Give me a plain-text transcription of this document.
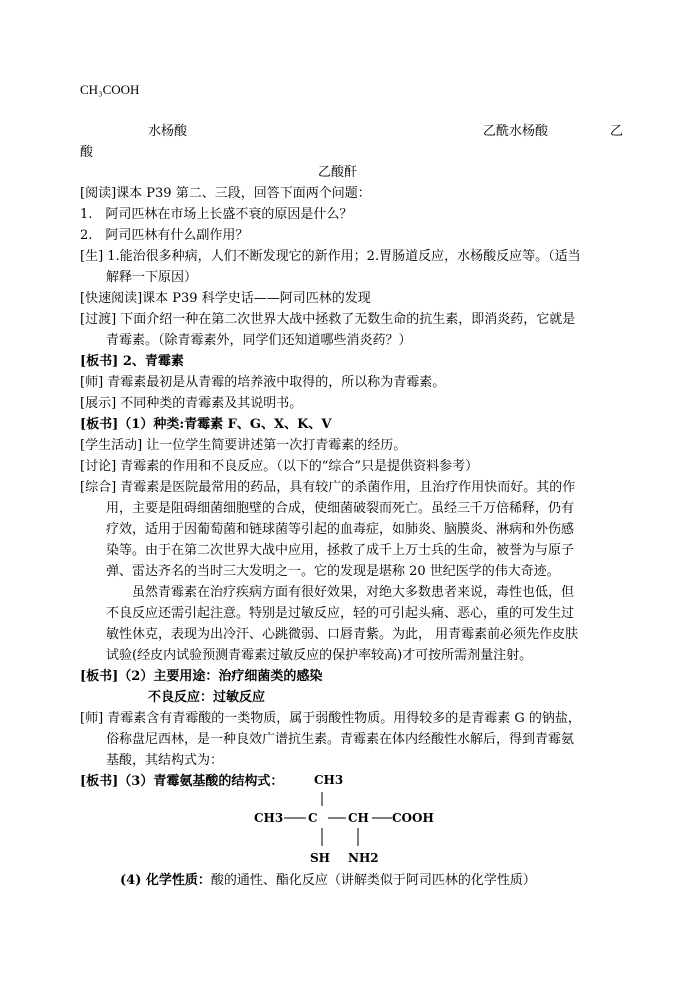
CH₃COOH
水杨酸	乙酰水杨酸	乙
酸
乙酸酐
[阅读]课本 P39 第二、三段，回答下面两个问题：
1.　阿司匹林在市场上长盛不衰的原因是什么？
2.　阿司匹林有什么副作用？
[生] 1.能治很多种病，人们不断发现它的新作用；2.胃肠道反应，水杨酸反应等。（适当
解释一下原因）
[快速阅读]课本 P39 科学史话——阿司匹林的发现
[过渡] 下面介绍一种在第二次世界大战中拯救了无数生命的抗生素，即消炎药，它就是
青霉素。（除青霉素外，同学们还知道哪些消炎药？）
[板书] 2、青霉素
[师] 青霉素最初是从青霉的培养液中取得的，所以称为青霉素。
[展示] 不同种类的青霉素及其说明书。
[板书]（1）种类:青霉素 F、G、X、K、V
[学生活动] 让一位学生简要讲述第一次打青霉素的经历。
[讨论] 青霉素的作用和不良反应。（以下的“综合”只是提供资料参考）
[综合] 青霉素是医院最常用的药品，具有较广的杀菌作用，且治疗作用快而好。其的作
用，主要是阻碍细菌细胞壁的合成，使细菌破裂而死亡。虽经三千万倍稀释，仍有
疗效，适用于因葡萄菌和链球菌等引起的血毒症，如肺炎、脑膜炎、淋病和外伤感
染等。由于在第二次世界大战中应用，拯救了成千上万士兵的生命，被誉为与原子
弹、雷达齐名的当时三大发明之一。它的发现是堪称 20 世纪医学的伟大奇迹。
　　虽然青霉素在治疗疾病方面有很好效果，对绝大多数患者来说，毒性也低，但
不良反应还需引起注意。特别是过敏反应，轻的可引起头痛、恶心，重的可发生过
敏性休克，表现为出冷汗、心跳微弱、口唇青紫。为此， 用青霉素前必须先作皮肤
试验(经皮内试验预测青霉素过敏反应的保护率较高)才可按所需剂量注射。
[板书]（2）主要用途：治疗细菌类的感染
不良反应：过敏反应
[师] 青霉素含有青霉酸的一类物质，属于弱酸性物质。用得较多的是青霉素 G 的钠盐，
俗称盘尼西林，是一种良效广谱抗生素。青霉素在体内经酸性水解后，得到青霉氨
基酸，其结构式为：
[板书]（3）青霉氨基酸的结构式：	CH3
CH3 C	CH COOH
SH NH2
(4) 化学性质：酸的通性、酯化反应（讲解类似于阿司匹林的化学性质）
